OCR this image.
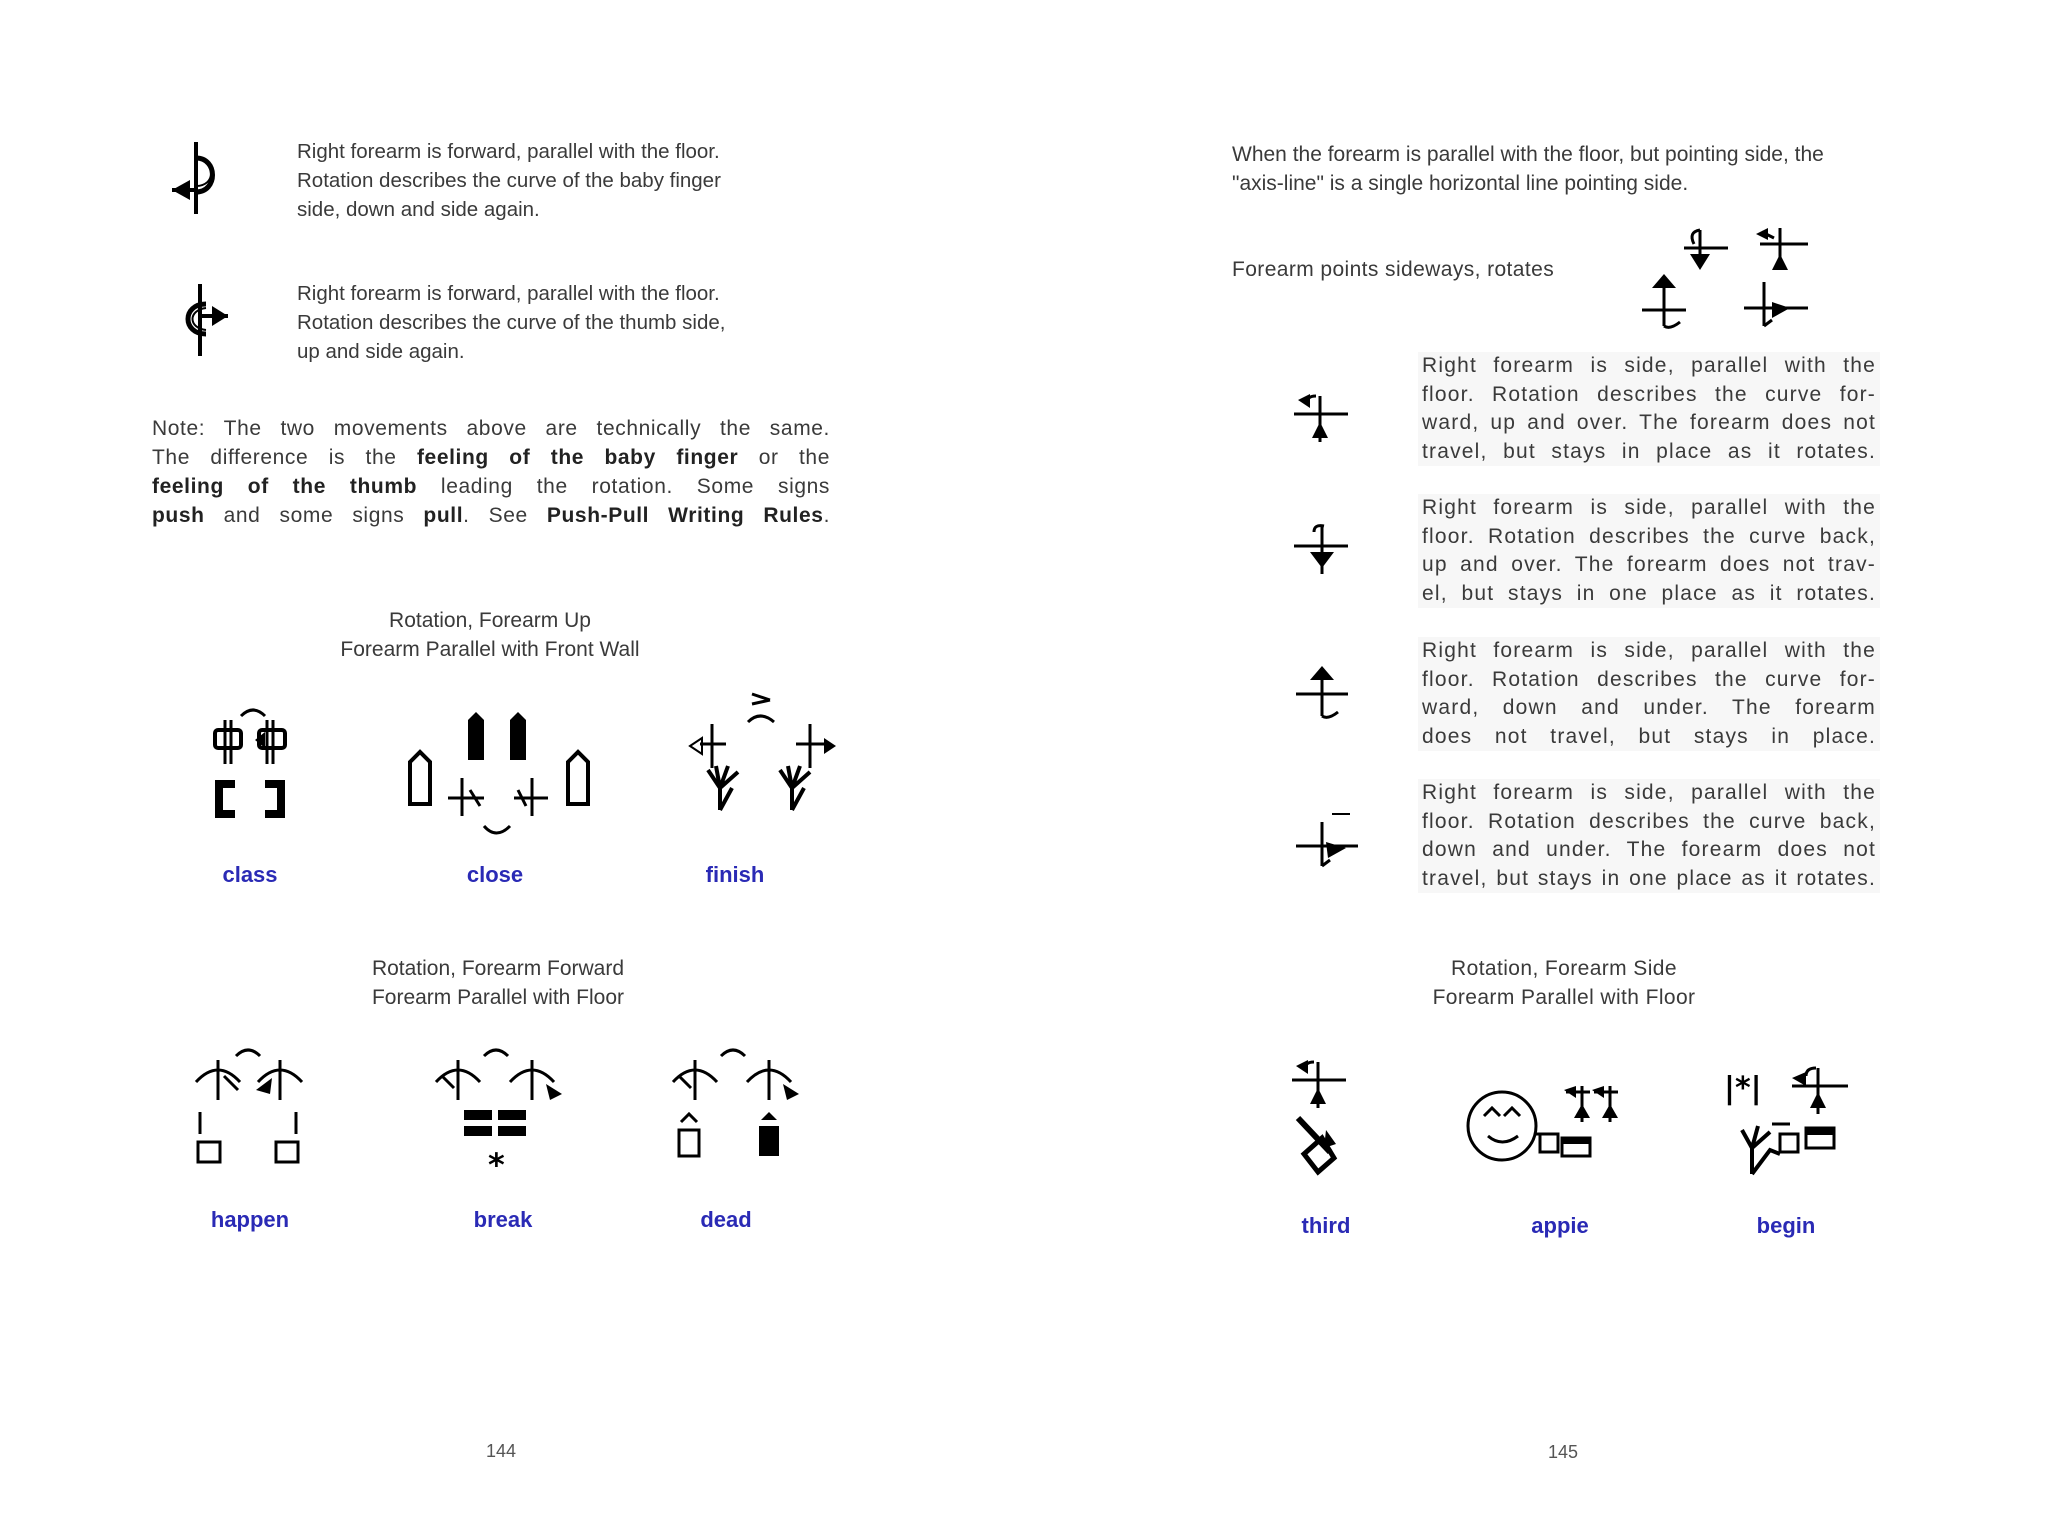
Right forearm is forward, parallel with the floor.
Rotation describes the curve of the baby finger
side, down and side again.
Right forearm is forward, parallel with the floor.
Rotation describes the curve of the thumb side,
up and side again.
Note: The two movements above are technically the same.
The difference is the feeling of the baby finger or the
feeling of the thumb leading the rotation. Some signs
push and some signs pull. See Push-Pull Writing Rules.
Rotation, Forearm Up
Forearm Parallel with Front Wall
class	close	finish
Rotation, Forearm Forward
Forearm Parallel with Floor
happen
*
break	dead
144
When the forearm is parallel with the floor, but pointing side, the
"axis-line" is a single horizontal line pointing side.
Forearm points sideways, rotates
Right forearm is side, parallel with the
floor. Rotation describes the curve for-
ward, up and over. The forearm does not
travel, but stays in place as it rotates.
Right forearm is side, parallel with the
floor. Rotation describes the curve back,
up and over. The forearm does not trav-
el, but stays in one place as it rotates.
Right forearm is side, parallel with the
floor. Rotation describes the curve for-
ward, down and under. The forearm
does not travel, but stays in place.
Right forearm is side, parallel with the
floor. Rotation describes the curve back,
down and under. The forearm does not
travel, but stays in one place as it rotates.
Rotation, Forearm Side
Forearm Parallel with Floor
third	appie
|*|
begin
145
